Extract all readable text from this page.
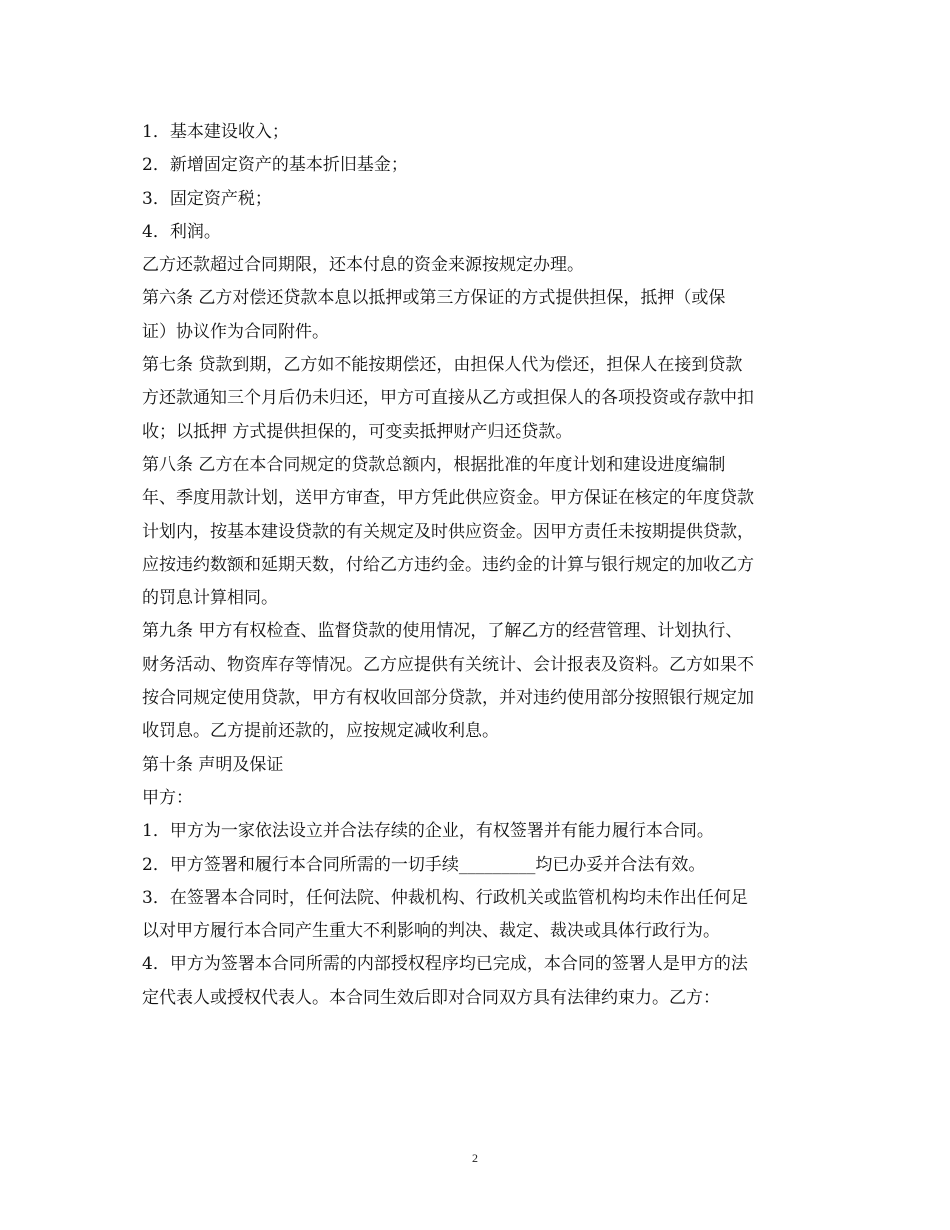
1．基本建设收入；
2．新增固定资产的基本折旧基金；
3．固定资产税；
4．利润。
乙方还款超过合同期限，还本付息的资金来源按规定办理。
第六条 乙方对偿还贷款本息以抵押或第三方保证的方式提供担保，抵押（或保
证）协议作为合同附件。
第七条 贷款到期，乙方如不能按期偿还，由担保人代为偿还，担保人在接到贷款
方还款通知三个月后仍未归还，甲方可直接从乙方或担保人的各项投资或存款中扣
收；以抵押 方式提供担保的，可变卖抵押财产归还贷款。
第八条 乙方在本合同规定的贷款总额内，根据批准的年度计划和建设进度编制
年、季度用款计划，送甲方审查，甲方凭此供应资金。甲方保证在核定的年度贷款
计划内，按基本建设贷款的有关规定及时供应资金。因甲方责任未按期提供贷款，
应按违约数额和延期天数，付给乙方违约金。违约金的计算与银行规定的加收乙方
的罚息计算相同。
第九条 甲方有权检查、监督贷款的使用情况，了解乙方的经营管理、计划执行、
财务活动、物资库存等情况。乙方应提供有关统计、会计报表及资料。乙方如果不
按合同规定使用贷款，甲方有权收回部分贷款，并对违约使用部分按照银行规定加
收罚息。乙方提前还款的，应按规定减收利息。
第十条 声明及保证
甲方：
1．甲方为一家依法设立并合法存续的企业，有权签署并有能力履行本合同。
2．甲方签署和履行本合同所需的一切手续_________均已办妥并合法有效。
3．在签署本合同时，任何法院、仲裁机构、行政机关或监管机构均未作出任何足
以对甲方履行本合同产生重大不利影响的判决、裁定、裁决或具体行政行为。
4．甲方为签署本合同所需的内部授权程序均已完成，本合同的签署人是甲方的法
定代表人或授权代表人。本合同生效后即对合同双方具有法律约束力。乙方：
2
